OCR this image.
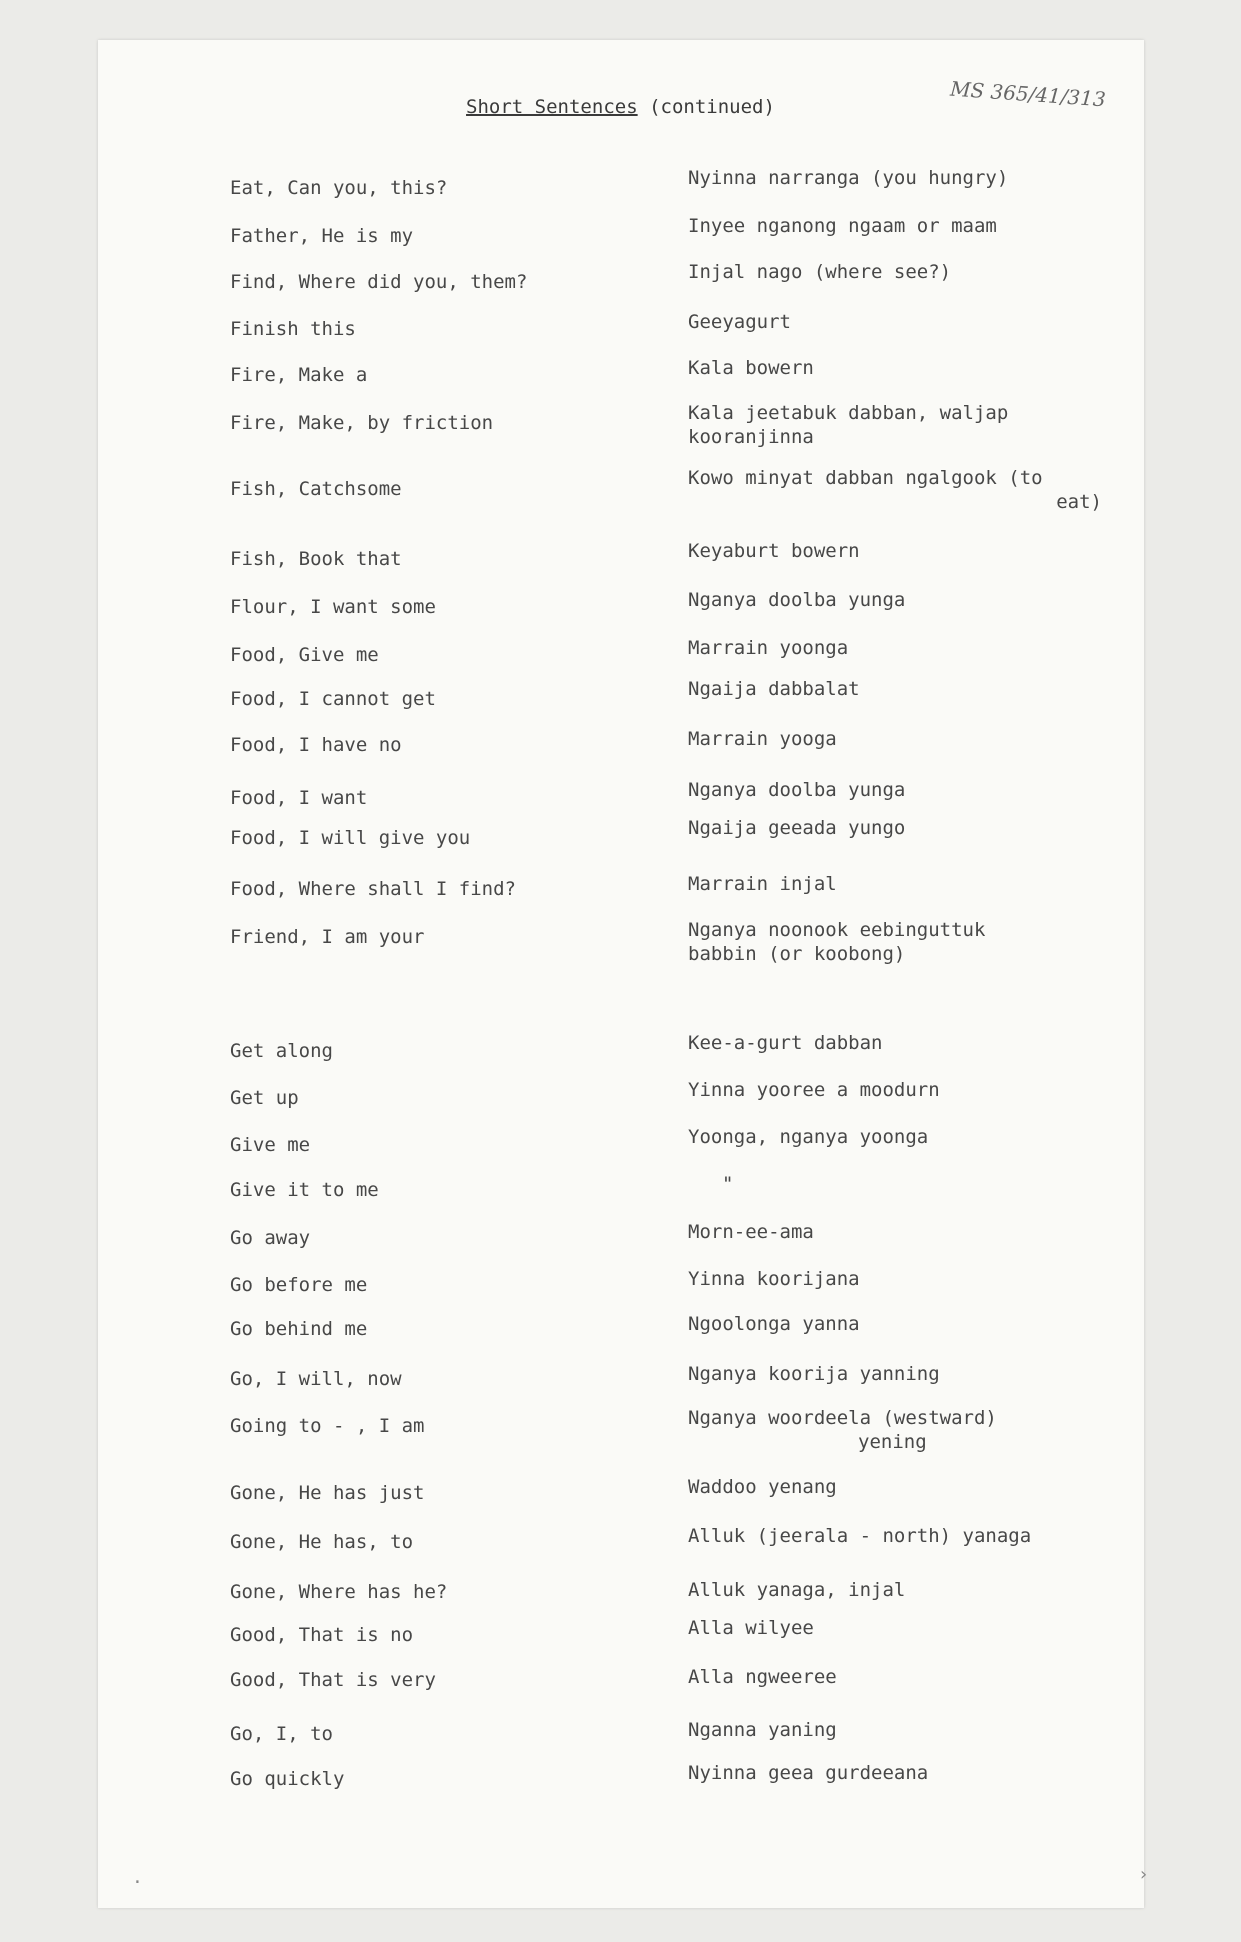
Short Sentences (continued)	MS 365/41/313
Eat, Can you, this?	Nyinna narranga (you hungry)
Father, He is my	Inyee nganong ngaam or maam
Find, Where did you, them?	Injal nago (where see?)
Finish this	Geeyagurt
Fire, Make a	Kala bowern
Fire, Make, by friction	Kala jeetabuk dabban, waljap
kooranjinna
Fish, Catchsome	Kowo minyat dabban ngalgook (to
eat)
Fish, Book that	Keyaburt bowern
Flour, I want some	Nganya doolba yunga
Food, Give me	Marrain yoonga
Food, I cannot get	Ngaija dabbalat
Food, I have no	Marrain yooga
Food, I want	Nganya doolba yunga
Food, I will give you	Ngaija geeada yungo
Food, Where shall I find?	Marrain injal
Friend, I am your	Nganya noonook eebinguttuk
babbin (or koobong)
Get along	Kee-a-gurt dabban
Get up	Yinna yooree a moodurn
Give me	Yoonga, nganya yoonga
Give it to me	"
Go away	Morn-ee-ama
Go before me	Yinna koorijana
Go behind me	Ngoolonga yanna
Go, I will, now	Nganya koorija yanning
Going to - , I am	Nganya woordeela (westward)
yening
Gone, He has just	Waddoo yenang
Gone, He has, to	Alluk (jeerala - north) yanaga
Gone, Where has he?	Alluk yanaga, injal
Good, That is no	Alla wilyee
Good, That is very	Alla ngweeree
Go, I, to	Nganna yaning
Go quickly	Nyinna geea gurdeeana
·	›
